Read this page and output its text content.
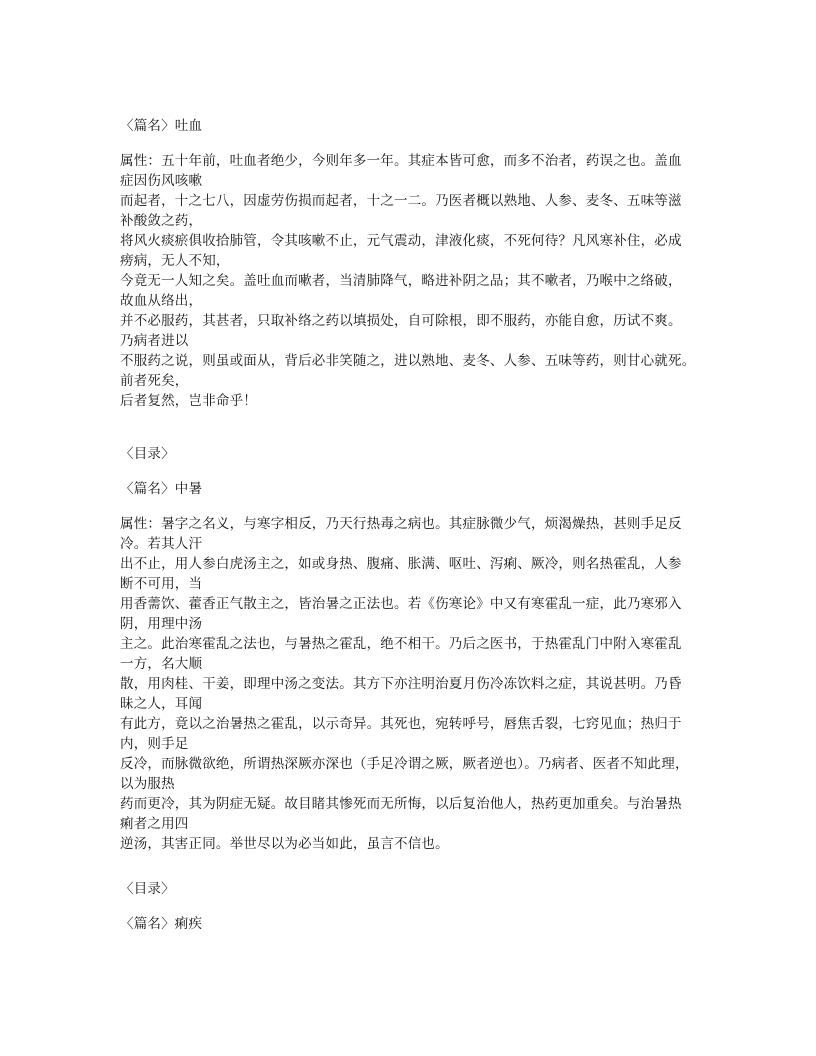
〈篇名〉吐血
属性：五十年前，吐血者绝少，今则年多一年。其症本皆可愈，而多不治者，药误之也。盖血
症因伤风咳嗽
而起者，十之七八，因虚劳伤损而起者，十之一二。乃医者概以熟地、人参、麦冬、五味等滋
补酸敛之药，
将风火痰瘀俱收拾肺管，令其咳嗽不止，元气震动，津液化痰，不死何待？凡风寒补住，必成
痨病，无人不知，
今竟无一人知之矣。盖吐血而嗽者，当清肺降气，略进补阴之品；其不嗽者，乃喉中之络破，
故血从络出，
并不必服药，其甚者，只取补络之药以填损处，自可除根，即不服药，亦能自愈，历试不爽。
乃病者进以
不服药之说，则虽或面从，背后必非笑随之，进以熟地、麦冬、人参、五味等药，则甘心就死。
前者死矣，
后者复然，岂非命乎！
〈目录〉
〈篇名〉中暑
属性：暑字之名义，与寒字相反，乃天行热毒之病也。其症脉微少气，烦渴燥热，甚则手足反
冷。若其人汗
出不止，用人参白虎汤主之，如或身热、腹痛、胀满、呕吐、泻痢、厥冷，则名热霍乱，人参
断不可用，当
用香薷饮、藿香正气散主之，皆治暑之正法也。若《伤寒论》中又有寒霍乱一症，此乃寒邪入
阴，用理中汤
主之。此治寒霍乱之法也，与暑热之霍乱，绝不相干。乃后之医书，于热霍乱门中附入寒霍乱
一方，名大顺
散，用肉桂、干姜，即理中汤之变法。其方下亦注明治夏月伤冷冻饮料之症，其说甚明。乃昏
昧之人，耳闻
有此方，竟以之治暑热之霍乱，以示奇异。其死也，宛转呼号，唇焦舌裂，七窍见血；热归于
内，则手足
反冷，而脉微欲绝，所谓热深厥亦深也（手足冷谓之厥，厥者逆也）。乃病者、医者不知此理，
以为服热
药而更冷，其为阴症无疑。故目睹其惨死而无所悔，以后复治他人，热药更加重矣。与治暑热
痢者之用四
逆汤，其害正同。举世尽以为必当如此，虽言不信也。
〈目录〉
〈篇名〉痢疾
